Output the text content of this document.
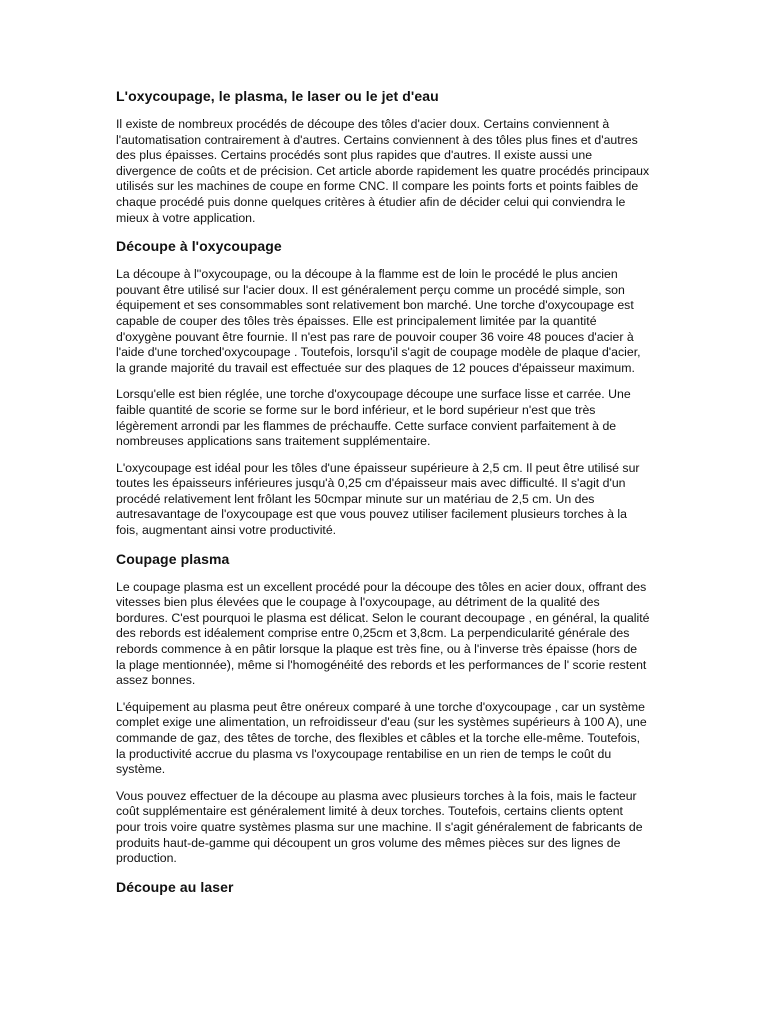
L'oxycoupage, le plasma, le laser ou le jet d'eau

Il existe de nombreux procédés de découpe des tôles d'acier doux. Certains conviennent à l'automatisation contrairement à d'autres. Certains conviennent à des tôles plus fines et d'autres des plus épaisses. Certains procédés sont plus rapides que d'autres. Il existe aussi une divergence de coûts et de précision. Cet article aborde rapidement les quatre procédés principaux utilisés sur les machines de coupe en forme CNC. Il compare les points forts et points faibles de chaque procédé puis donne quelques critères à étudier afin de décider celui qui conviendra le mieux à votre application.

Découpe à l'oxycoupage

La découpe à l''oxycoupage, ou la découpe à la flamme est de loin le procédé le plus ancien pouvant être utilisé sur l'acier doux. Il est généralement perçu comme un procédé simple, son équipement et ses consommables sont relativement bon marché. Une torche d'oxycoupage est capable de couper des tôles très épaisses. Elle est principalement limitée par la quantité d'oxygène pouvant être fournie. Il n'est pas rare de pouvoir couper 36 voire 48 pouces d'acier à l'aide d'une torched'oxycoupage . Toutefois, lorsqu'il s'agit de coupage modèle de plaque d'acier, la grande majorité du travail est effectuée sur des plaques de 12 pouces d'épaisseur maximum.

Lorsqu'elle est bien réglée, une torche d'oxycoupage découpe une surface lisse et carrée. Une faible quantité de scorie se forme sur le bord inférieur, et le bord supérieur n'est que très légèrement arrondi par les flammes de préchauffe. Cette surface convient parfaitement à de nombreuses applications sans traitement supplémentaire.

L'oxycoupage est idéal pour les tôles d'une épaisseur supérieure à 2,5 cm. Il peut être utilisé sur toutes les épaisseurs inférieures jusqu'à 0,25 cm d'épaisseur mais avec difficulté. Il s'agit d'un procédé relativement lent frôlant les 50cmpar minute sur un matériau de 2,5 cm. Un des autresavantage de l'oxycoupage est que vous pouvez utiliser facilement plusieurs torches à la fois, augmentant ainsi votre productivité.

Coupage plasma

Le coupage plasma est un excellent procédé pour la découpe des tôles en acier doux, offrant des vitesses bien plus élevées que le coupage à l'oxycoupage, au détriment de la qualité des bordures. C'est pourquoi le plasma est délicat. Selon le courant decoupage , en général, la qualité des rebords est idéalement comprise entre 0,25cm et 3,8cm. La perpendicularité générale des rebords commence à en pâtir lorsque la plaque est très fine, ou à l'inverse très épaisse (hors de la plage mentionnée), même si l'homogénéité des rebords et les performances de l' scorie restent assez bonnes.

L'équipement au plasma peut être onéreux comparé à une torche d'oxycoupage , car un système complet exige une alimentation, un refroidisseur d'eau (sur les systèmes supérieurs à 100 A), une commande de gaz, des têtes de torche, des flexibles et câbles et la torche elle-même. Toutefois, la productivité accrue du plasma vs l'oxycoupage rentabilise en un rien de temps le coût du système.

Vous pouvez effectuer de la découpe au plasma avec plusieurs torches à la fois, mais le facteur coût supplémentaire est généralement limité à deux torches. Toutefois, certains clients optent pour trois voire quatre systèmes plasma sur une machine. Il s'agit généralement de fabricants de produits haut-de-gamme qui découpent un gros volume des mêmes pièces sur des lignes de production.

Découpe au laser
